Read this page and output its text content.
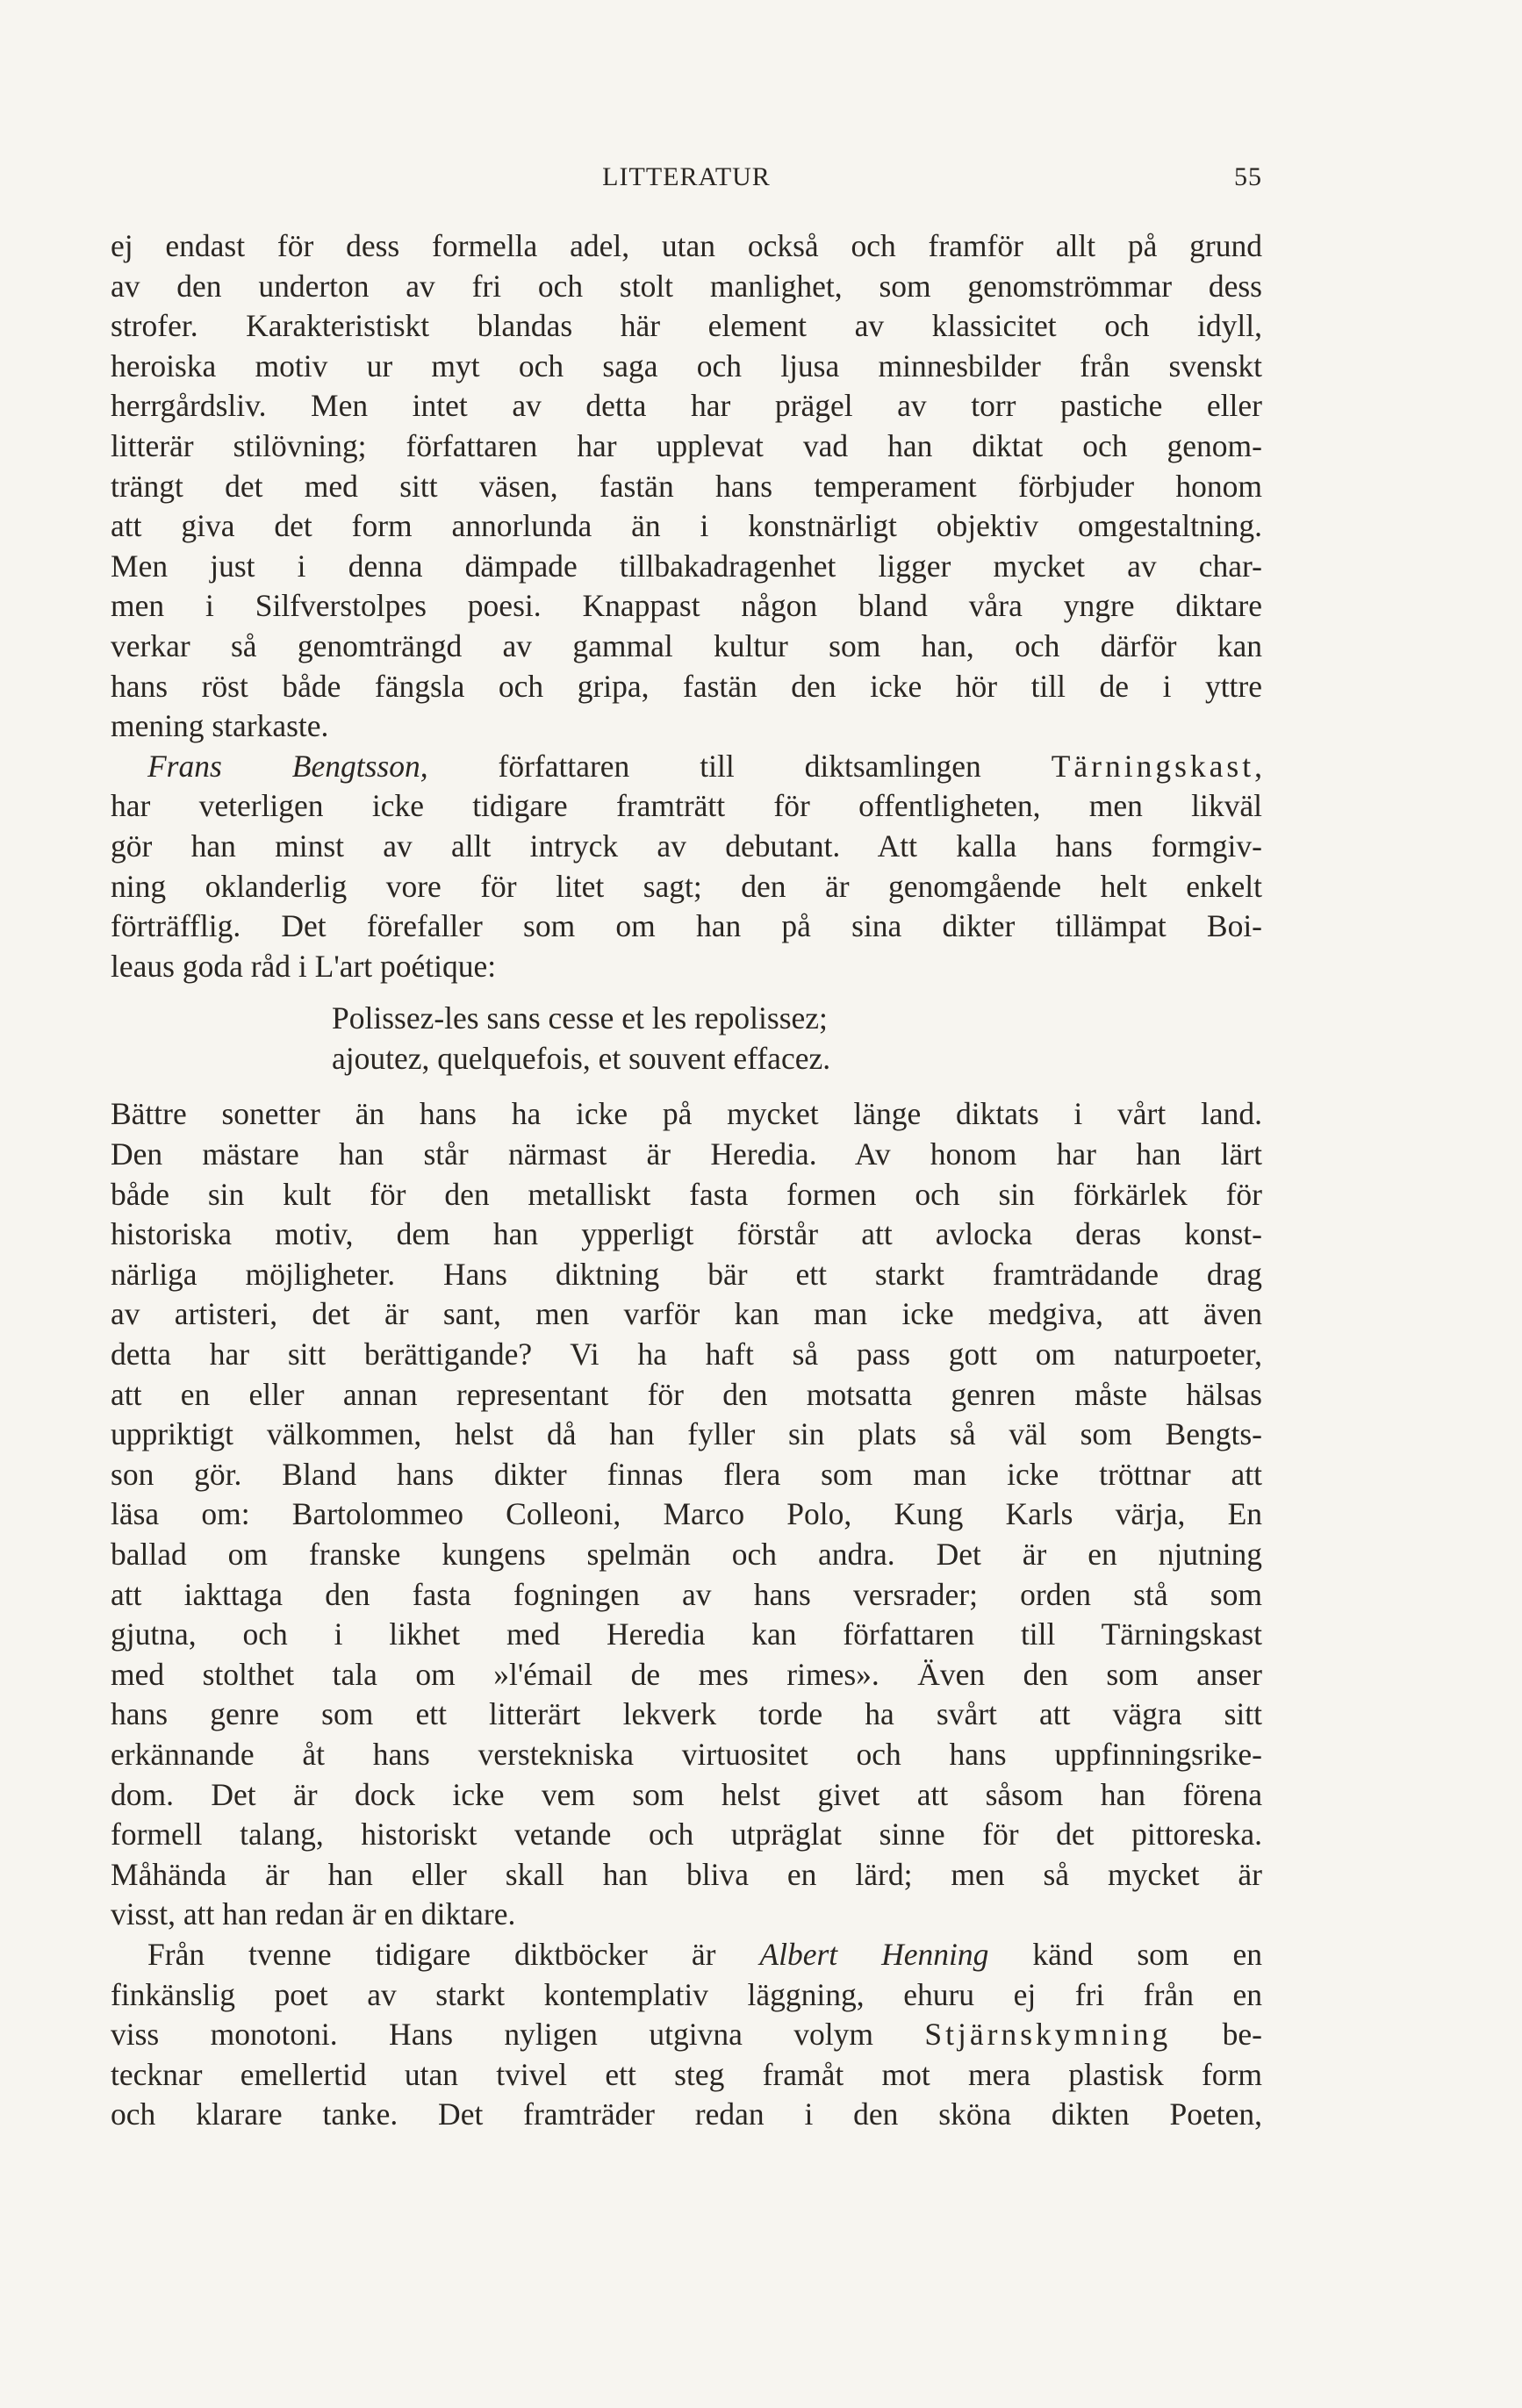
LITTERATUR	55
ej endast för dess formella adel, utan också och framför allt på grund
av den underton av fri och stolt manlighet, som genomströmmar dess
strofer. Karakteristiskt blandas här element av klassicitet och idyll,
heroiska motiv ur myt och saga och ljusa minnesbilder från svenskt
herrgårdsliv. Men intet av detta har prägel av torr pastiche eller
litterär stilövning; författaren har upplevat vad han diktat och genom-
trängt det med sitt väsen, fastän hans temperament förbjuder honom
att giva det form annorlunda än i konstnärligt objektiv omgestaltning.
Men just i denna dämpade tillbakadragenhet ligger mycket av char-
men i Silfverstolpes poesi. Knappast någon bland våra yngre diktare
verkar så genomträngd av gammal kultur som han, och därför kan
hans röst både fängsla och gripa, fastän den icke hör till de i yttre
mening starkaste.
Frans Bengtsson, författaren till diktsamlingen Tärningskast,
har veterligen icke tidigare framträtt för offentligheten, men likväl
gör han minst av allt intryck av debutant. Att kalla hans formgiv-
ning oklanderlig vore för litet sagt; den är genomgående helt enkelt
förträfflig. Det förefaller som om han på sina dikter tillämpat Boi-
leaus goda råd i L'art poétique:
Polissez-les sans cesse et les repolissez;
ajoutez, quelquefois, et souvent effacez.
Bättre sonetter än hans ha icke på mycket länge diktats i vårt land.
Den mästare han står närmast är Heredia. Av honom har han lärt
både sin kult för den metalliskt fasta formen och sin förkärlek för
historiska motiv, dem han ypperligt förstår att avlocka deras konst-
närliga möjligheter. Hans diktning bär ett starkt framträdande drag
av artisteri, det är sant, men varför kan man icke medgiva, att även
detta har sitt berättigande? Vi ha haft så pass gott om naturpoeter,
att en eller annan representant för den motsatta genren måste hälsas
uppriktigt välkommen, helst då han fyller sin plats så väl som Bengts-
son gör. Bland hans dikter finnas flera som man icke tröttnar att
läsa om: Bartolommeo Colleoni, Marco Polo, Kung Karls värja, En
ballad om franske kungens spelmän och andra. Det är en njutning
att iakttaga den fasta fogningen av hans versrader; orden stå som
gjutna, och i likhet med Heredia kan författaren till Tärningskast
med stolthet tala om »l'émail de mes rimes». Även den som anser
hans genre som ett litterärt lekverk torde ha svårt att vägra sitt
erkännande åt hans verstekniska virtuositet och hans uppfinningsrike-
dom. Det är dock icke vem som helst givet att såsom han förena
formell talang, historiskt vetande och utpräglat sinne för det pittoreska.
Måhända är han eller skall han bliva en lärd; men så mycket är
visst, att han redan är en diktare.
Från tvenne tidigare diktböcker är Albert Henning känd som en
finkänslig poet av starkt kontemplativ läggning, ehuru ej fri från en
viss monotoni. Hans nyligen utgivna volym Stjärnskymning be-
tecknar emellertid utan tvivel ett steg framåt mot mera plastisk form
och klarare tanke. Det framträder redan i den sköna dikten Poeten,
